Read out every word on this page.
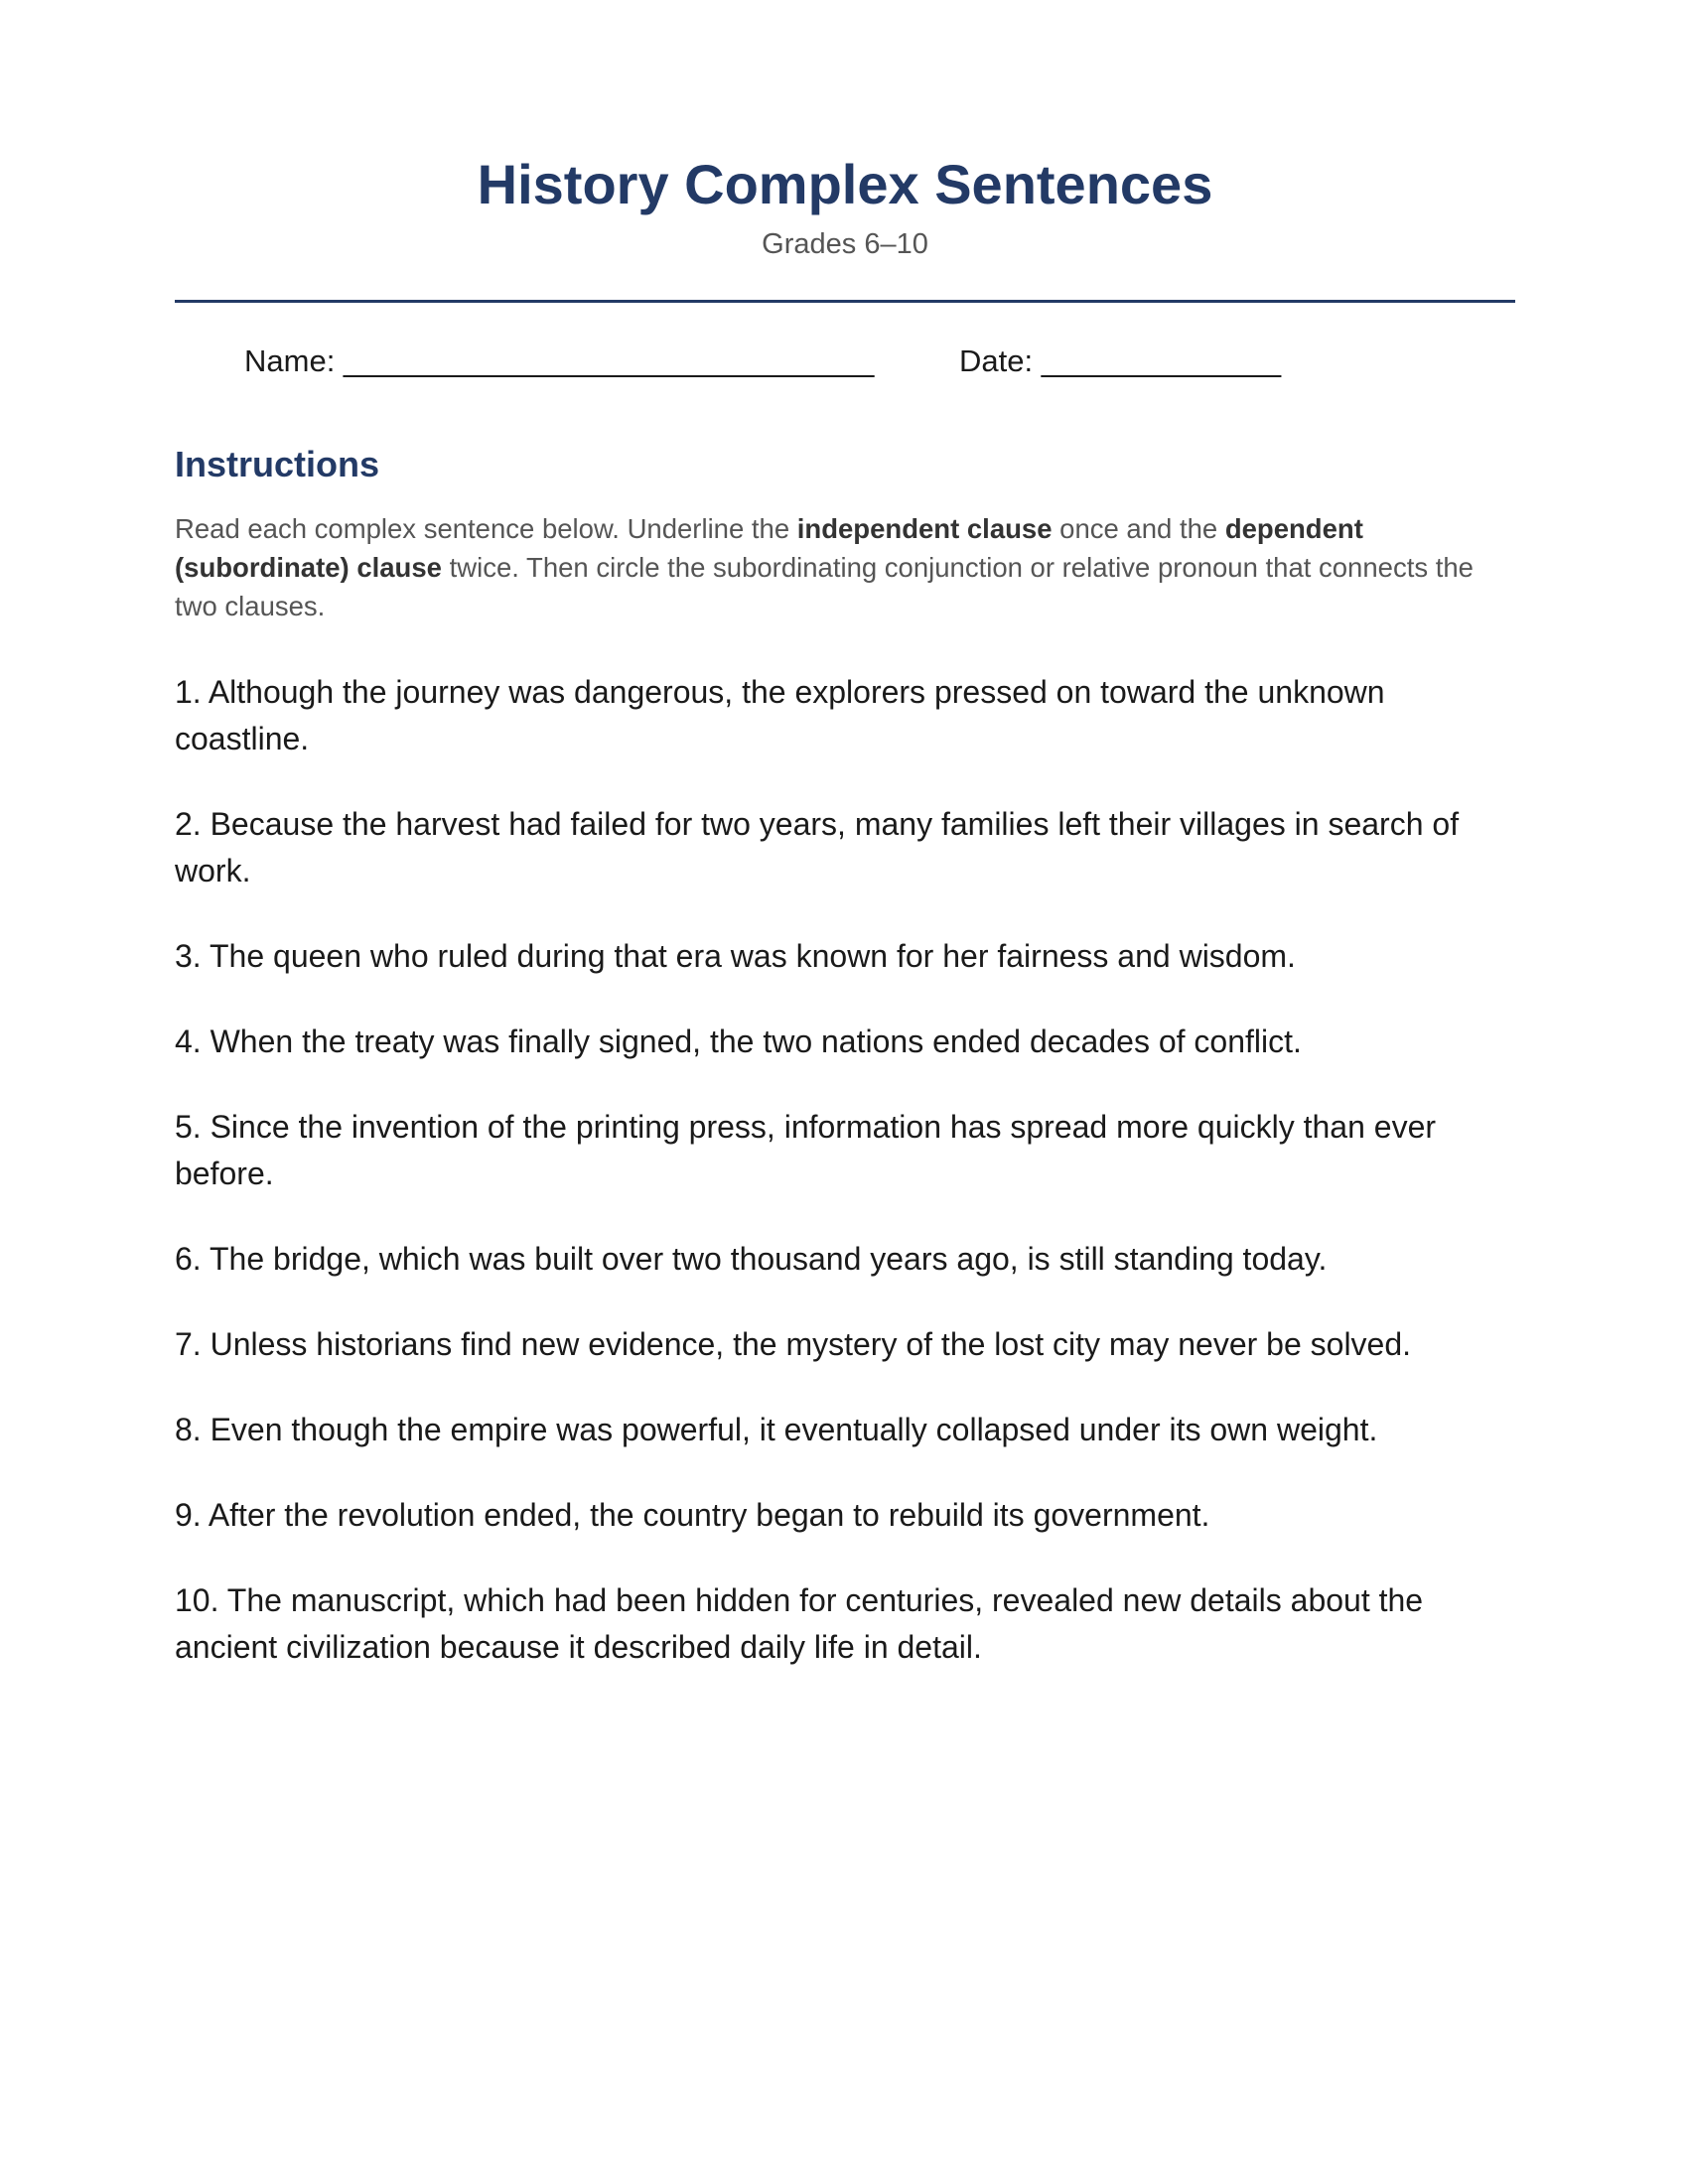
History Complex Sentences
Grades 6–10
Name: _______________________________	Date: ______________
Instructions
Read each complex sentence below. Underline the independent clause once and the dependent (subordinate) clause twice. Then circle the subordinating conjunction or relative pronoun that connects the two clauses.
1. Although the journey was dangerous, the explorers pressed on toward the unknown coastline.
2. Because the harvest had failed for two years, many families left their villages in search of work.
3. The queen who ruled during that era was known for her fairness and wisdom.
4. When the treaty was finally signed, the two nations ended decades of conflict.
5. Since the invention of the printing press, information has spread more quickly than ever before.
6. The bridge, which was built over two thousand years ago, is still standing today.
7. Unless historians find new evidence, the mystery of the lost city may never be solved.
8. Even though the empire was powerful, it eventually collapsed under its own weight.
9. After the revolution ended, the country began to rebuild its government.
10. The manuscript, which had been hidden for centuries, revealed new details about the ancient civilization because it described daily life in detail.
